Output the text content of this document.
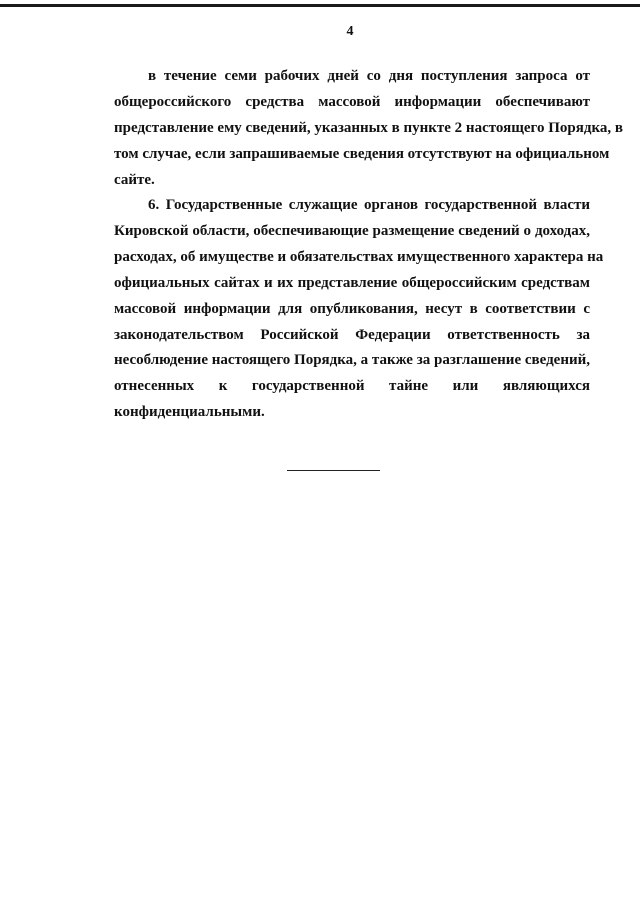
4
в течение семи рабочих дней со дня поступления запроса от
общероссийского средства массовой информации обеспечивают
представление ему сведений, указанных в пункте 2 настоящего Порядка, в
том случае, если запрашиваемые сведения отсутствуют на официальном
сайте.
6. Государственные служащие органов государственной власти
Кировской области, обеспечивающие размещение сведений о доходах,
расходах, об имуществе и обязательствах имущественного характера на
официальных сайтах и их представление общероссийским средствам
массовой информации для опубликования, несут в соответствии с
законодательством Российской Федерации ответственность за
несоблюдение настоящего Порядка, а также за разглашение сведений,
отнесенных к государственной тайне или являющихся
конфиденциальными.
